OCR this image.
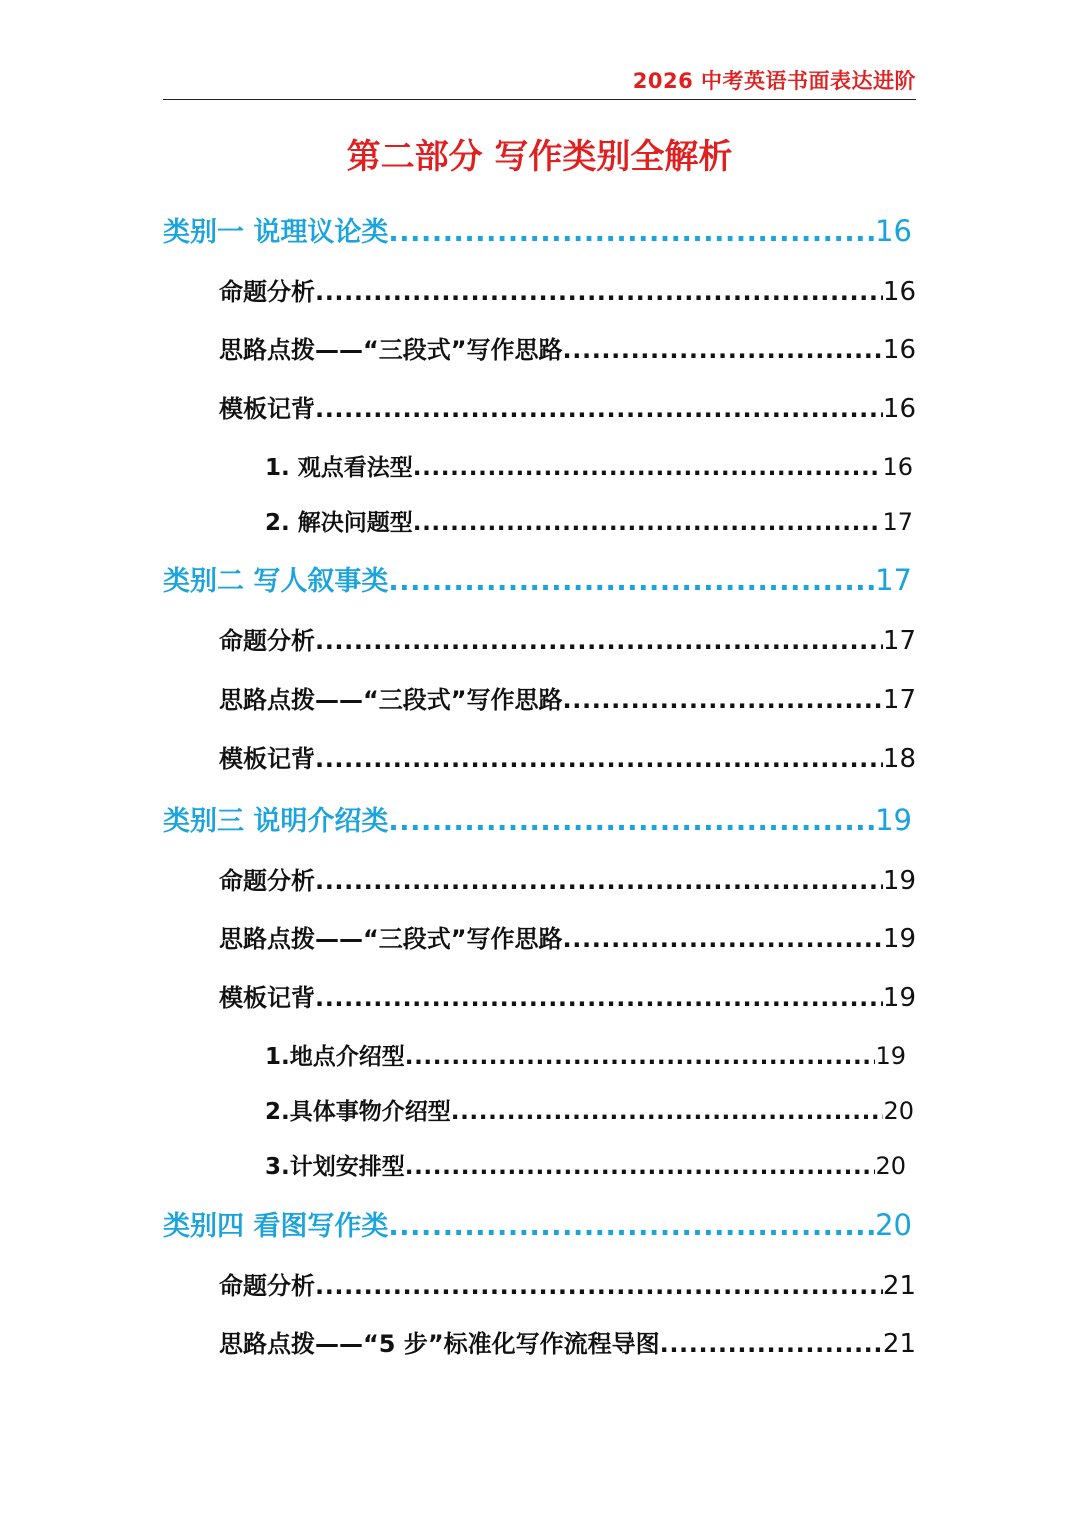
2026 中考英语书面表达进阶
第二部分 写作类别全解析
类别一 说理议论类 .....	16
命题分析 .....	16
思路点拨——“三段式”写作思路 .....	16
模板记背 .....	16
1. 观点看法型 .....	16
2. 解决问题型 .....	17
类别二 写人叙事类 .....	17
命题分析 .....	17
思路点拨——“三段式”写作思路 .....	17
模板记背 .....	18
类别三 说明介绍类 .....	19
命题分析 .....	19
思路点拨——“三段式”写作思路 .....	19
模板记背 .....	19
1.地点介绍型 .....	19
2.具体事物介绍型 .....	20
3.计划安排型 .....	20
类别四 看图写作类 .....	20
命题分析 .....	21
思路点拨——“5 步”标准化写作流程导图 .....	21
